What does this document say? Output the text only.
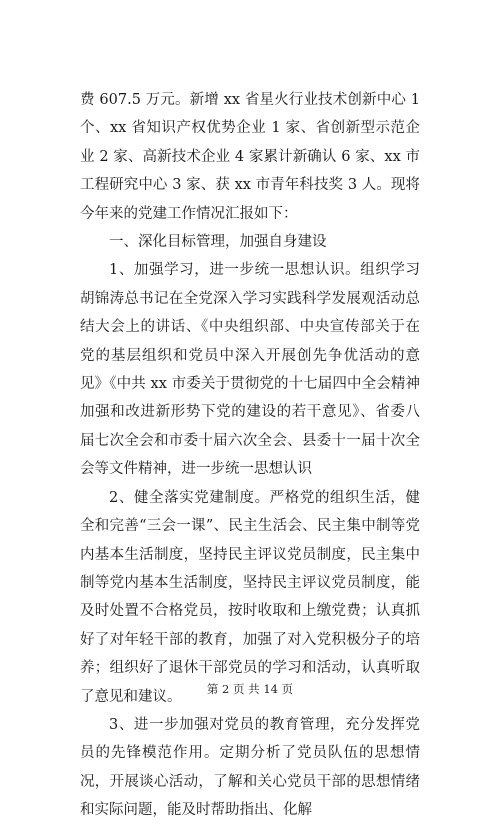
费 607.5 万元。新增 xx 省星火行业技术创新中心 1 个、xx 省知识产权优势企业 1 家、省创新型示范企业 2 家、高新技术企业 4 家累计新确认 6 家、xx 市工程研究中心 3 家、获 xx 市青年科技奖 3 人。现将今年来的党建工作情况汇报如下：

一、深化目标管理，加强自身建设

1、加强学习，进一步统一思想认识。组织学习胡锦涛总书记在全党深入学习实践科学发展观活动总结大会上的讲话、《中央组织部、中央宣传部关于在党的基层组织和党员中深入开展创先争优活动的意见》《中共 xx 市委关于贯彻党的十七届四中全会精神加强和改进新形势下党的建设的若干意见》、省委八届七次全会和市委十届六次全会、县委十一届十次全会等文件精神，进一步统一思想认识

2、健全落实党建制度。严格党的组织生活，健全和完善“三会一课”、民主生活会、民主集中制等党内基本生活制度，坚持民主评议党员制度，民主集中制等党内基本生活制度，坚持民主评议党员制度，能及时处置不合格党员，按时收取和上缴党费；认真抓好了对年轻干部的教育，加强了对入党积极分子的培养；组织好了退休干部党员的学习和活动，认真听取了意见和建议。

3、进一步加强对党员的教育管理，充分发挥党员的先锋模范作用。定期分析了党员队伍的思想情况，开展谈心活动，了解和关心党员干部的思想情绪和实际问题，能及时帮助指出、化解

第 2 页 共 14 页
